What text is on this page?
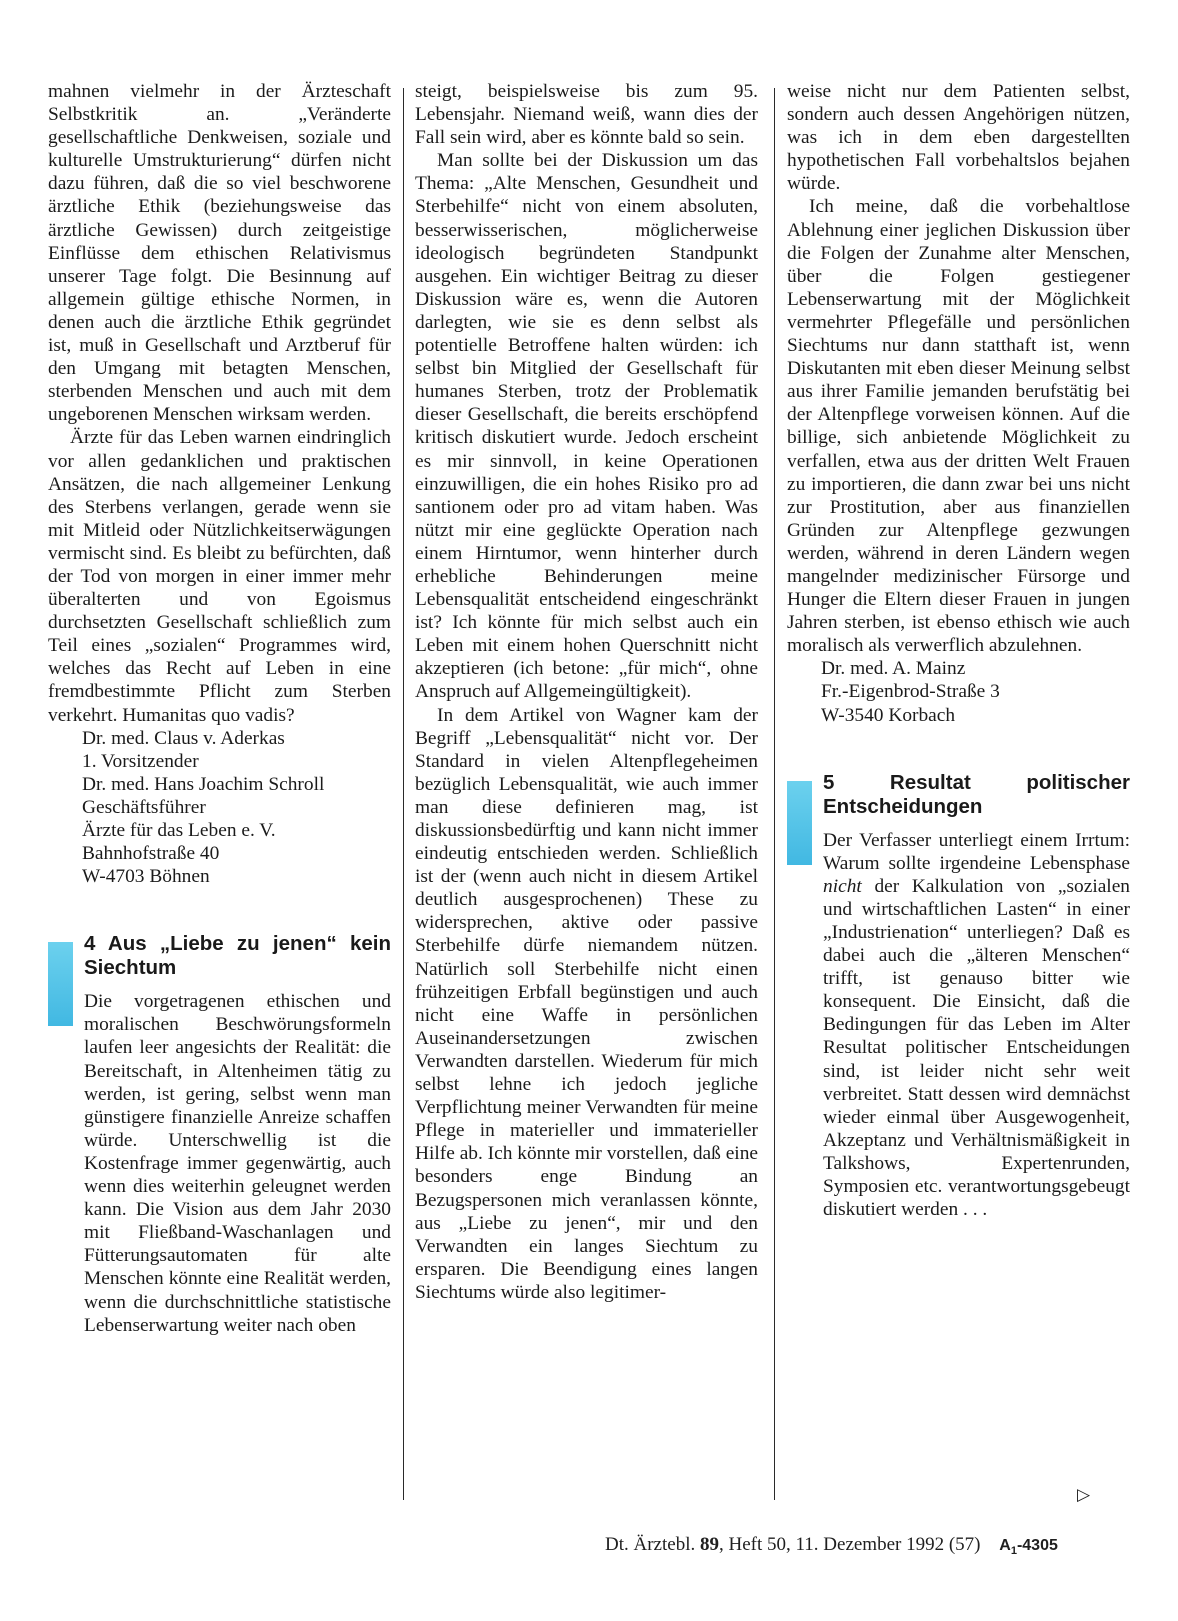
mahnen vielmehr in der Ärzteschaft Selbstkritik an. „Veränderte gesellschaftliche Denkweisen, soziale und kulturelle Umstrukturierung“ dürfen nicht dazu führen, daß die so viel beschworene ärztliche Ethik (beziehungsweise das ärztliche Gewissen) durch zeitgeistige Einflüsse dem ethischen Relativismus unserer Tage folgt. Die Besinnung auf allgemein gültige ethische Normen, in denen auch die ärztliche Ethik gegründet ist, muß in Gesellschaft und Arztberuf für den Umgang mit betagten Menschen, sterbenden Menschen und auch mit dem ungeborenen Menschen wirksam werden.

Ärzte für das Leben warnen eindringlich vor allen gedanklichen und praktischen Ansätzen, die nach allgemeiner Lenkung des Sterbens verlangen, gerade wenn sie mit Mitleid oder Nützlichkeitserwägungen vermischt sind. Es bleibt zu befürchten, daß der Tod von morgen in einer immer mehr überalterten und von Egoismus durchsetzten Gesellschaft schließlich zum Teil eines „sozialen“ Programmes wird, welches das Recht auf Leben in eine fremdbestimmte Pflicht zum Sterben verkehrt. Humanitas quo vadis?

Dr. med. Claus v. Aderkas
1. Vorsitzender
Dr. med. Hans Joachim Schroll
Geschäftsführer
Ärzte für das Leben e. V.
Bahnhofstraße 40
W-4703 Böhnen
4 Aus „Liebe zu jenen“ kein Siechtum

Die vorgetragenen ethischen und moralischen Beschwörungsformeln laufen leer angesichts der Realität: die Bereitschaft, in Altenheimen tätig zu werden, ist gering, selbst wenn man günstigere finanzielle Anreize schaffen würde. Unterschwellig ist die Kostenfrage immer gegenwärtig, auch wenn dies weiterhin geleugnet werden kann. Die Vision aus dem Jahr 2030 mit Fließband-Waschanlagen und Fütterungsautomaten für alte Menschen könnte eine Realität werden, wenn die durchschnittliche statistische Lebenserwartung weiter nach oben

steigt, beispielsweise bis zum 95. Lebensjahr. Niemand weiß, wann dies der Fall sein wird, aber es könnte bald so sein.

Man sollte bei der Diskussion um das Thema: „Alte Menschen, Gesundheit und Sterbehilfe“ nicht von einem absoluten, besserwisserischen, möglicherweise ideologisch begründeten Standpunkt ausgehen. Ein wichtiger Beitrag zu dieser Diskussion wäre es, wenn die Autoren darlegten, wie sie es denn selbst als potentielle Betroffene halten würden: ich selbst bin Mitglied der Gesellschaft für humanes Sterben, trotz der Problematik dieser Gesellschaft, die bereits erschöpfend kritisch diskutiert wurde. Jedoch erscheint es mir sinnvoll, in keine Operationen einzuwilligen, die ein hohes Risiko pro ad santionem oder pro ad vitam haben. Was nützt mir eine geglückte Operation nach einem Hirntumor, wenn hinterher durch erhebliche Behinderungen meine Lebensqualität entscheidend eingeschränkt ist? Ich könnte für mich selbst auch ein Leben mit einem hohen Querschnitt nicht akzeptieren (ich betone: „für mich“, ohne Anspruch auf Allgemeingültigkeit).

In dem Artikel von Wagner kam der Begriff „Lebensqualität“ nicht vor. Der Standard in vielen Altenpflegeheimen bezüglich Lebensqualität, wie auch immer man diese definieren mag, ist diskussionsbedürftig und kann nicht immer eindeutig entschieden werden. Schließlich ist der (wenn auch nicht in diesem Artikel deutlich ausgesprochenen) These zu widersprechen, aktive oder passive Sterbehilfe dürfe niemandem nützen. Natürlich soll Sterbehilfe nicht einen frühzeitigen Erbfall begünstigen und auch nicht eine Waffe in persönlichen Auseinandersetzungen zwischen Verwandten darstellen. Wiederum für mich selbst lehne ich jedoch jegliche Verpflichtung meiner Verwandten für meine Pflege in materieller und immaterieller Hilfe ab. Ich könnte mir vorstellen, daß eine besonders enge Bindung an Bezugspersonen mich veranlassen könnte, aus „Liebe zu jenen“, mir und den Verwandten ein langes Siechtum zu ersparen. Die Beendigung eines langen Siechtums würde also legitimer-

weise nicht nur dem Patienten selbst, sondern auch dessen Angehörigen nützen, was ich in dem eben dargestellten hypothetischen Fall vorbehaltslos bejahen würde.

Ich meine, daß die vorbehaltlose Ablehnung einer jeglichen Diskussion über die Folgen der Zunahme alter Menschen, über die Folgen gestiegener Lebenserwartung mit der Möglichkeit vermehrter Pflegefälle und persönlichen Siechtums nur dann statthaft ist, wenn Diskutanten mit eben dieser Meinung selbst aus ihrer Familie jemanden berufstätig bei der Altenpflege vorweisen können. Auf die billige, sich anbietende Möglichkeit zu verfallen, etwa aus der dritten Welt Frauen zu importieren, die dann zwar bei uns nicht zur Prostitution, aber aus finanziellen Gründen zur Altenpflege gezwungen werden, während in deren Ländern wegen mangelnder medizinischer Fürsorge und Hunger die Eltern dieser Frauen in jungen Jahren sterben, ist ebenso ethisch wie auch moralisch als verwerflich abzulehnen.

Dr. med. A. Mainz
Fr.-Eigenbrod-Straße 3
W-3540 Korbach
5 Resultat politischer Entscheidungen

Der Verfasser unterliegt einem Irrtum: Warum sollte irgendeine Lebensphase nicht der Kalkulation von „sozialen und wirtschaftlichen Lasten“ in einer „Industrienation“ unterliegen? Daß es dabei auch die „älteren Menschen“ trifft, ist genauso bitter wie konsequent. Die Einsicht, daß die Bedingungen für das Leben im Alter Resultat politischer Entscheidungen sind, ist leider nicht sehr weit verbreitet. Statt dessen wird demnächst wieder einmal über Ausgewogenheit, Akzeptanz und Verhältnismäßigkeit in Talkshows, Expertenrunden, Symposien etc. verantwortungsgebeugt diskutiert werden . . .

▷
Dt. Ärztebl. 89, Heft 50, 11. Dezember 1992 (57) $A_1-4305$
